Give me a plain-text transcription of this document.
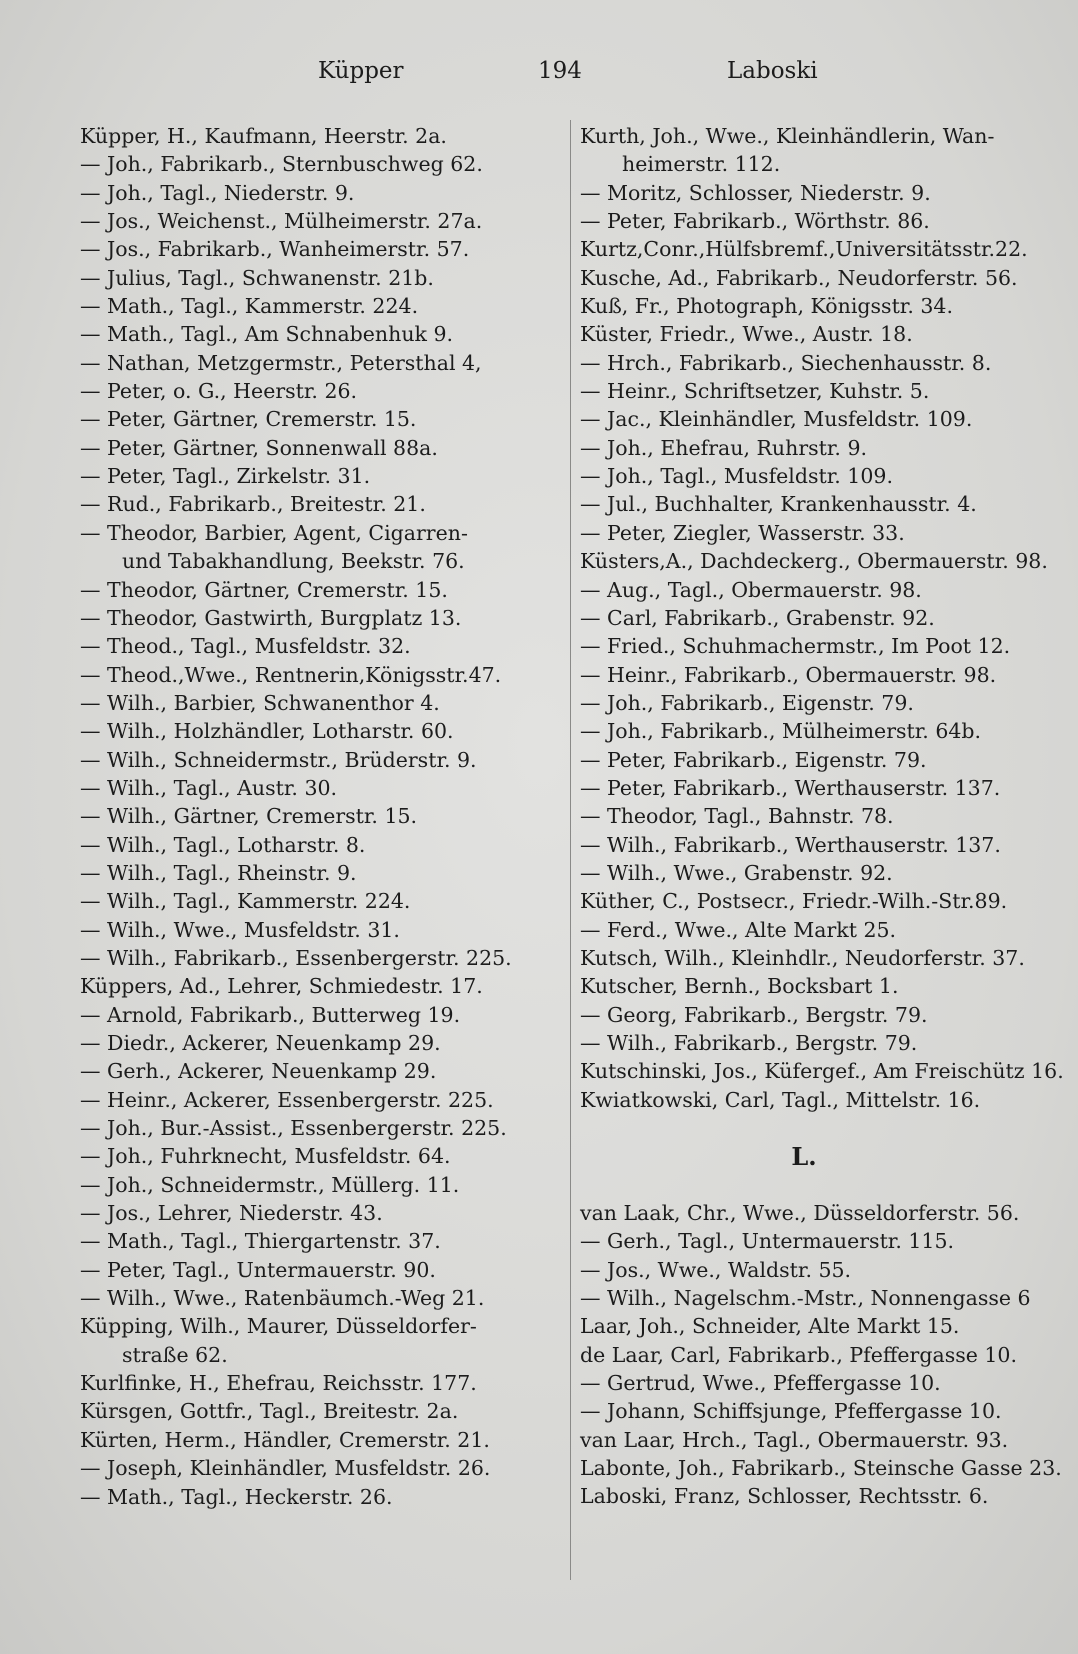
Küpper	194	Laboski
Küpper, H., Kaufmann, Heerstr. 2a.
— Joh., Fabrikarb., Sternbuschweg 62.
— Joh., Tagl., Niederstr. 9.
— Jos., Weichenst., Mülheimerstr. 27a.
— Jos., Fabrikarb., Wanheimerstr. 57.
— Julius, Tagl., Schwanenstr. 21b.
— Math., Tagl., Kammerstr. 224.
— Math., Tagl., Am Schnabenhuk 9.
— Nathan, Metzgermstr., Petersthal 4,
— Peter, o. G., Heerstr. 26.
— Peter, Gärtner, Cremerstr. 15.
— Peter, Gärtner, Sonnenwall 88a.
— Peter, Tagl., Zirkelstr. 31.
— Rud., Fabrikarb., Breitestr. 21.
— Theodor, Barbier, Agent, Cigarren-
und Tabakhandlung, Beekstr. 76.
— Theodor, Gärtner, Cremerstr. 15.
— Theodor, Gastwirth, Burgplatz 13.
— Theod., Tagl., Musfeldstr. 32.
— Theod.,Wwe., Rentnerin,Königsstr.47.
— Wilh., Barbier, Schwanenthor 4.
— Wilh., Holzhändler, Lotharstr. 60.
— Wilh., Schneidermstr., Brüderstr. 9.
— Wilh., Tagl., Austr. 30.
— Wilh., Gärtner, Cremerstr. 15.
— Wilh., Tagl., Lotharstr. 8.
— Wilh., Tagl., Rheinstr. 9.
— Wilh., Tagl., Kammerstr. 224.
— Wilh., Wwe., Musfeldstr. 31.
— Wilh., Fabrikarb., Essenbergerstr. 225.
Küppers, Ad., Lehrer, Schmiedestr. 17.
— Arnold, Fabrikarb., Butterweg 19.
— Diedr., Ackerer, Neuenkamp 29.
— Gerh., Ackerer, Neuenkamp 29.
— Heinr., Ackerer, Essenbergerstr. 225.
— Joh., Bur.-Assist., Essenbergerstr. 225.
— Joh., Fuhrknecht, Musfeldstr. 64.
— Joh., Schneidermstr., Müllerg. 11.
— Jos., Lehrer, Niederstr. 43.
— Math., Tagl., Thiergartenstr. 37.
— Peter, Tagl., Untermauerstr. 90.
— Wilh., Wwe., Ratenbäumch.-Weg 21.
Küpping, Wilh., Maurer, Düsseldorfer-
straße 62.
Kurlfinke, H., Ehefrau, Reichsstr. 177.
Kürsgen, Gottfr., Tagl., Breitestr. 2a.
Kürten, Herm., Händler, Cremerstr. 21.
— Joseph, Kleinhändler, Musfeldstr. 26.
— Math., Tagl., Heckerstr. 26.
Kurth, Joh., Wwe., Kleinhändlerin, Wan-
heimerstr. 112.
— Moritz, Schlosser, Niederstr. 9.
— Peter, Fabrikarb., Wörthstr. 86.
Kurtz,Conr.,Hülfsbremf.,Universitätsstr.22.
Kusche, Ad., Fabrikarb., Neudorferstr. 56.
Kuß, Fr., Photograph, Königsstr. 34.
Küster, Friedr., Wwe., Austr. 18.
— Hrch., Fabrikarb., Siechenhausstr. 8.
— Heinr., Schriftsetzer, Kuhstr. 5.
— Jac., Kleinhändler, Musfeldstr. 109.
— Joh., Ehefrau, Ruhrstr. 9.
— Joh., Tagl., Musfeldstr. 109.
— Jul., Buchhalter, Krankenhausstr. 4.
— Peter, Ziegler, Wasserstr. 33.
Küsters,A., Dachdeckerg., Obermauerstr. 98.
— Aug., Tagl., Obermauerstr. 98.
— Carl, Fabrikarb., Grabenstr. 92.
— Fried., Schuhmachermstr., Im Poot 12.
— Heinr., Fabrikarb., Obermauerstr. 98.
— Joh., Fabrikarb., Eigenstr. 79.
— Joh., Fabrikarb., Mülheimerstr. 64b.
— Peter, Fabrikarb., Eigenstr. 79.
— Peter, Fabrikarb., Werthauserstr. 137.
— Theodor, Tagl., Bahnstr. 78.
— Wilh., Fabrikarb., Werthauserstr. 137.
— Wilh., Wwe., Grabenstr. 92.
Küther, C., Postsecr., Friedr.-Wilh.-Str.89.
— Ferd., Wwe., Alte Markt 25.
Kutsch, Wilh., Kleinhdlr., Neudorferstr. 37.
Kutscher, Bernh., Bocksbart 1.
— Georg, Fabrikarb., Bergstr. 79.
— Wilh., Fabrikarb., Bergstr. 79.
Kutschinski, Jos., Küfergef., Am Freischütz 16.
Kwiatkowski, Carl, Tagl., Mittelstr. 16.
L.
van Laak, Chr., Wwe., Düsseldorferstr. 56.
— Gerh., Tagl., Untermauerstr. 115.
— Jos., Wwe., Waldstr. 55.
— Wilh., Nagelschm.-Mstr., Nonnengasse 6
Laar, Joh., Schneider, Alte Markt 15.
de Laar, Carl, Fabrikarb., Pfeffergasse 10.
— Gertrud, Wwe., Pfeffergasse 10.
— Johann, Schiffsjunge, Pfeffergasse 10.
van Laar, Hrch., Tagl., Obermauerstr. 93.
Labonte, Joh., Fabrikarb., Steinsche Gasse 23.
Laboski, Franz, Schlosser, Rechtsstr. 6.
